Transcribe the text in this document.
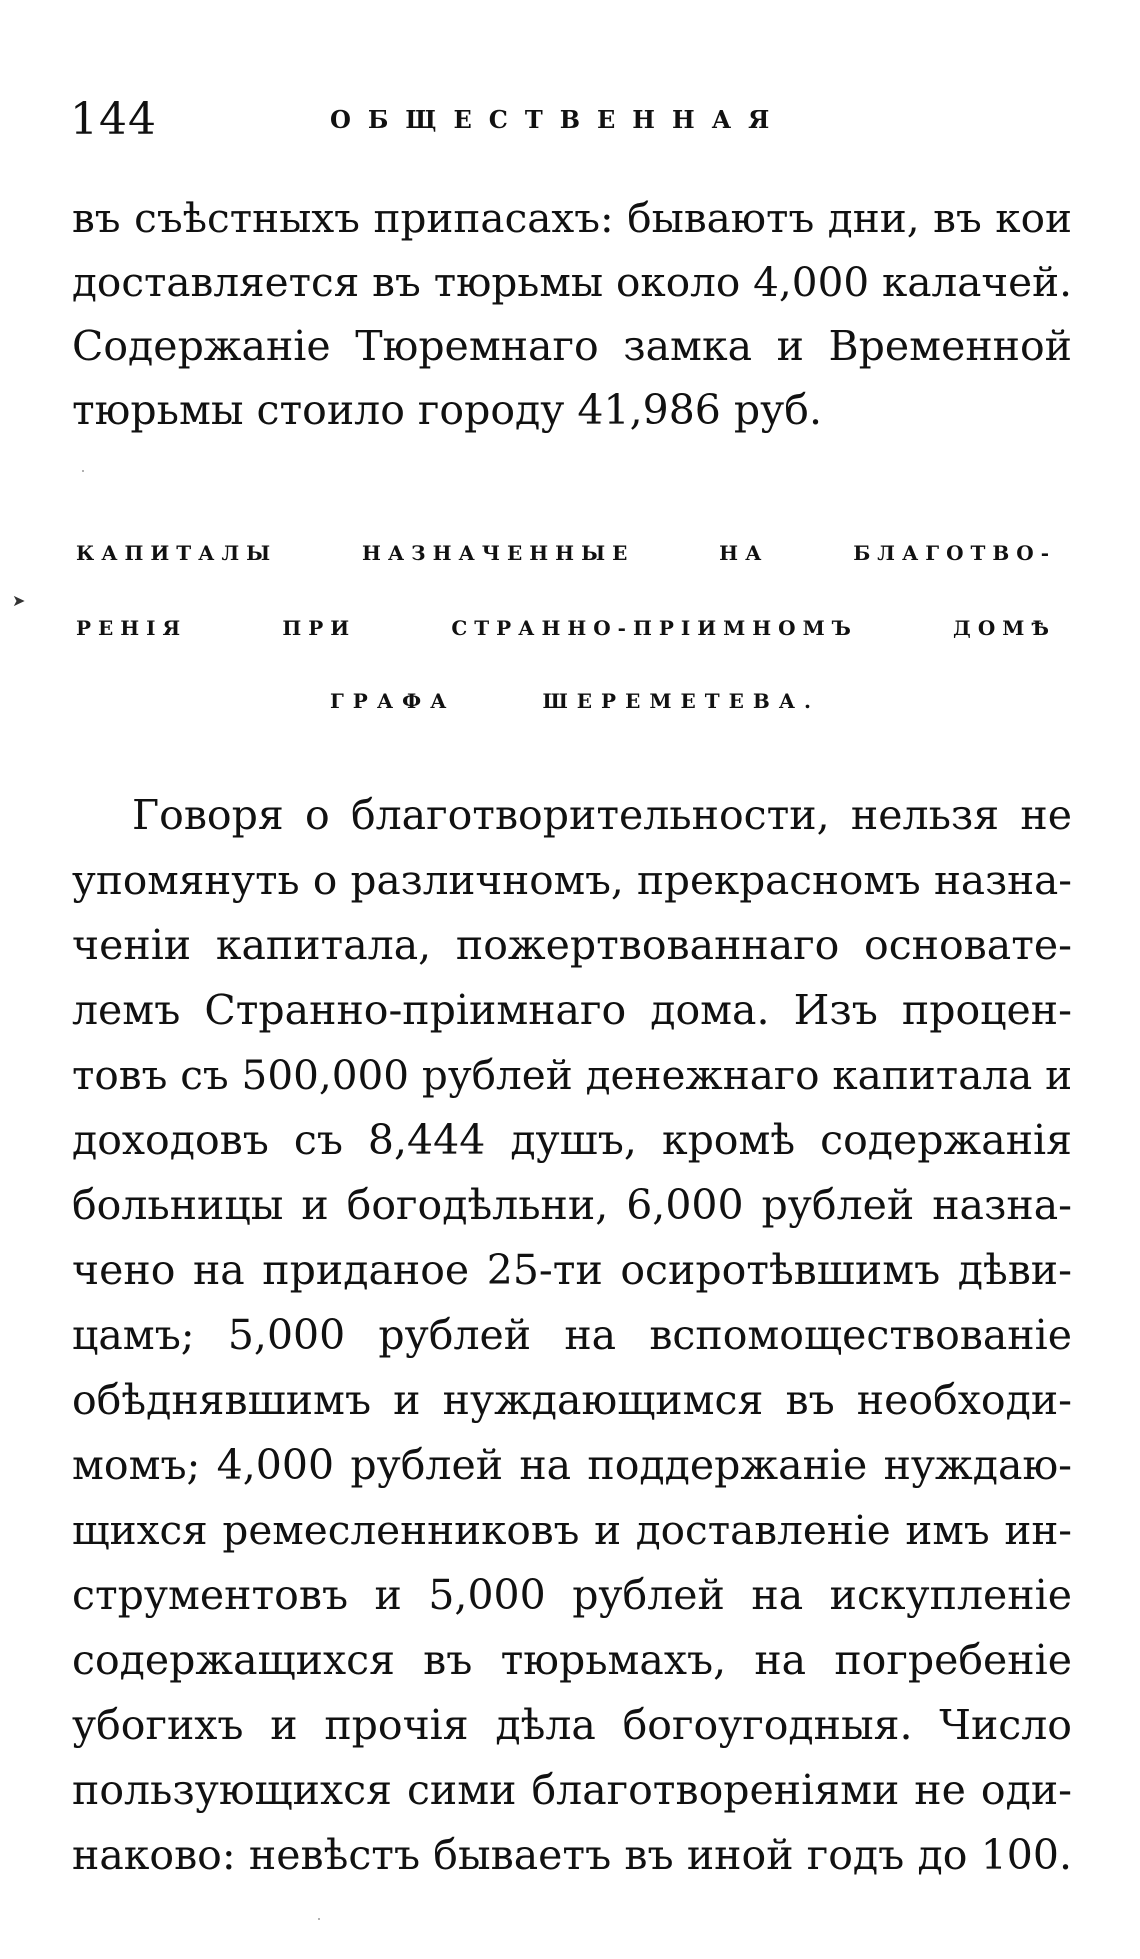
144	ОБЩЕСТВЕННАЯ
въ съѣстныхъ припасахъ: бываютъ дни, въ кои
доставляется въ тюрьмы около 4,000 калачей.
Содержаніе Тюремнаго замка и Временной
тюрьмы стоило городу 41,986 руб.
КАПИТАЛЫ НАЗНАЧЕННЫЕ НА БЛАГОТВО-
РЕНІЯ ПРИ СТРАННО-ПРІИМНОМЪ ДОМѢ
ГРАФА ШЕРЕМЕТЕВА.
➤
Говоря о благотворительности, нельзя не
упомянуть о различномъ, прекрасномъ назна-
ченіи капитала, пожертвованнаго основате-
лемъ Странно-пріимнаго дома. Изъ процен-
товъ съ 500,000 рублей денежнаго капитала и
доходовъ съ 8,444 душъ, кромѣ содержанія
больницы и богодѣльни, 6,000 рублей назна-
чено на приданое 25-ти осиротѣвшимъ дѣви-
цамъ; 5,000 рублей на вспомоществованіе
обѣднявшимъ и нуждающимся въ необходи-
момъ; 4,000 рублей на поддержаніе нуждаю-
щихся ремесленниковъ и доставленіе имъ ин-
струментовъ и 5,000 рублей на искупленіе
содержащихся въ тюрьмахъ, на погребеніе
убогихъ и прочія дѣла богоугодныя. Число
пользующихся сими благотвореніями не оди-
наково: невѣстъ бываетъ въ иной годъ до 100.
